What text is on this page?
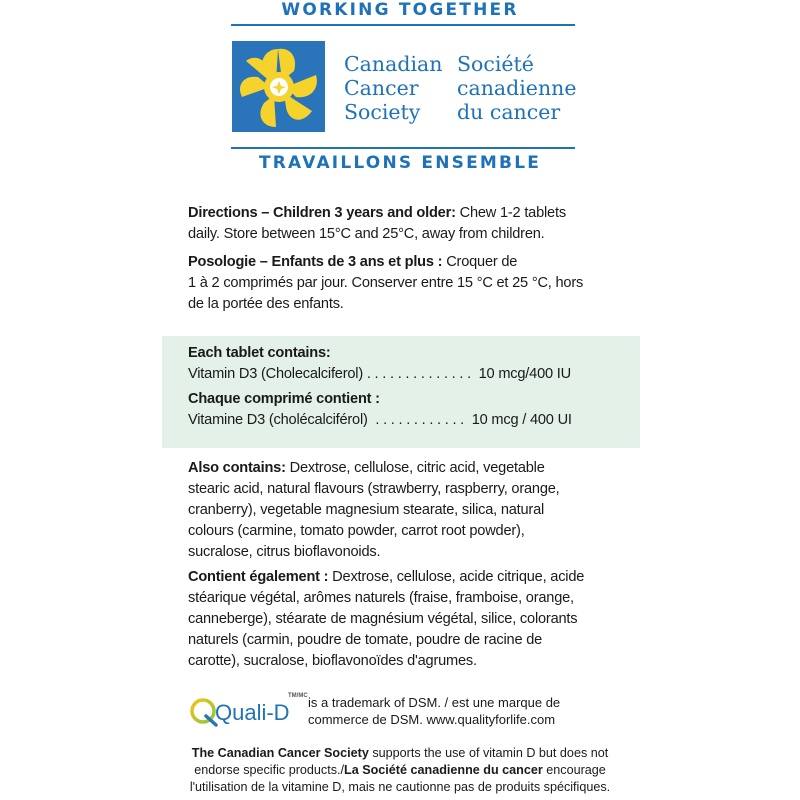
WORKING TOGETHER
Canadian
Cancer
Society
Société
canadienne
du cancer
TRAVAILLONS ENSEMBLE
Directions – Children 3 years and older: Chew 1-2 tablets
daily. Store between 15°C and 25°C, away from children.
Posologie – Enfants de 3 ans et plus : Croquer de
1 à 2 comprimés par jour. Conserver entre 15 °C et 25 °C, hors
de la portée des enfants.
Each tablet contains:
Vitamin D3 (Cholecalciferol) . . . . . . . . . . . . . .  10 mcg/400 IU
Chaque comprimé contient :
Vitamine D3 (cholécalciférol)  . . . . . . . . . . . .  10 mcg / 400 UI
Also contains: Dextrose, cellulose, citric acid, vegetable
stearic acid, natural flavours (strawberry, raspberry, orange,
cranberry), vegetable magnesium stearate, silica, natural
colours (carmine, tomato powder, carrot root powder),
sucralose, citrus bioflavonoids.
Contient également : Dextrose, cellulose, acide citrique, acide
stéarique végétal, arômes naturels (fraise, framboise, orange,
canneberge), stéarate de magnésium végétal, silice, colorants
naturels (carmin, poudre de tomate, poudre de racine de
carotte), sucralose, bioflavonoïdes d'agrumes.
Quali-D
TM/MC is a trademark of DSM. / est une marque de
commerce de DSM. www.qualityforlife.com
The Canadian Cancer Society supports the use of vitamin D but does not
endorse specific products./La Société canadienne du cancer encourage
l'utilisation de la vitamine D, mais ne cautionne pas de produits spécifiques.
